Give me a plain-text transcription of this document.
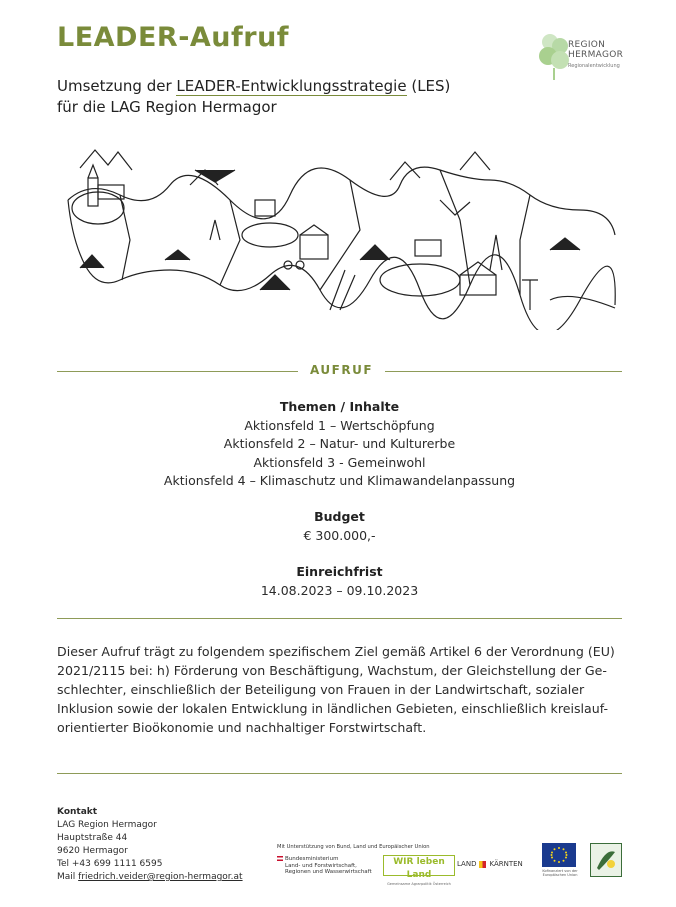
LEADER-Aufruf
Umsetzung der LEADER-Entwicklungsstrategie (LES)
für die LAG Region Hermagor
REGION
HERMAGOR
Regionalentwicklung
AUFRUF
Themen / Inhalte
Aktionsfeld 1 – Wertschöpfung
Aktionsfeld 2 – Natur- und Kulturerbe
Aktionsfeld 3 - Gemeinwohl
Aktionsfeld 4 – Klimaschutz und Klimawandelanpassung
Budget
€ 300.000,-
Einreichfrist
14.08.2023 – 09.10.2023
Dieser Aufruf trägt zu folgendem spezifischem Ziel gemäß Artikel 6 der Verordnung (EU)
2021/2115 bei: h) Förderung von Beschäftigung, Wachstum, der Gleichstellung der Ge-
schlechter, einschließlich der Beteiligung von Frauen in der Landwirtschaft, sozialer
Inklusion sowie der lokalen Entwicklung in ländlichen Gebieten, einschließlich kreislauf-
orientierter Bioökonomie und nachhaltiger Forstwirtschaft.
Kontakt
LAG Region Hermagor
Hauptstraße 44
9620 Hermagor
Tel +43 699 1111 6595
Mail friedrich.veider@region-hermagor.at
Mit Unterstützung von Bund, Land und Europäischer Union
Bundesministerium
Land- und Forstwirtschaft,
Regionen und Wasserwirtschaft
WIR leben Land
Gemeinsame Agrarpolitik Österreich
LAND KÄRNTEN
Kofinanziert von der Europäischen Union
